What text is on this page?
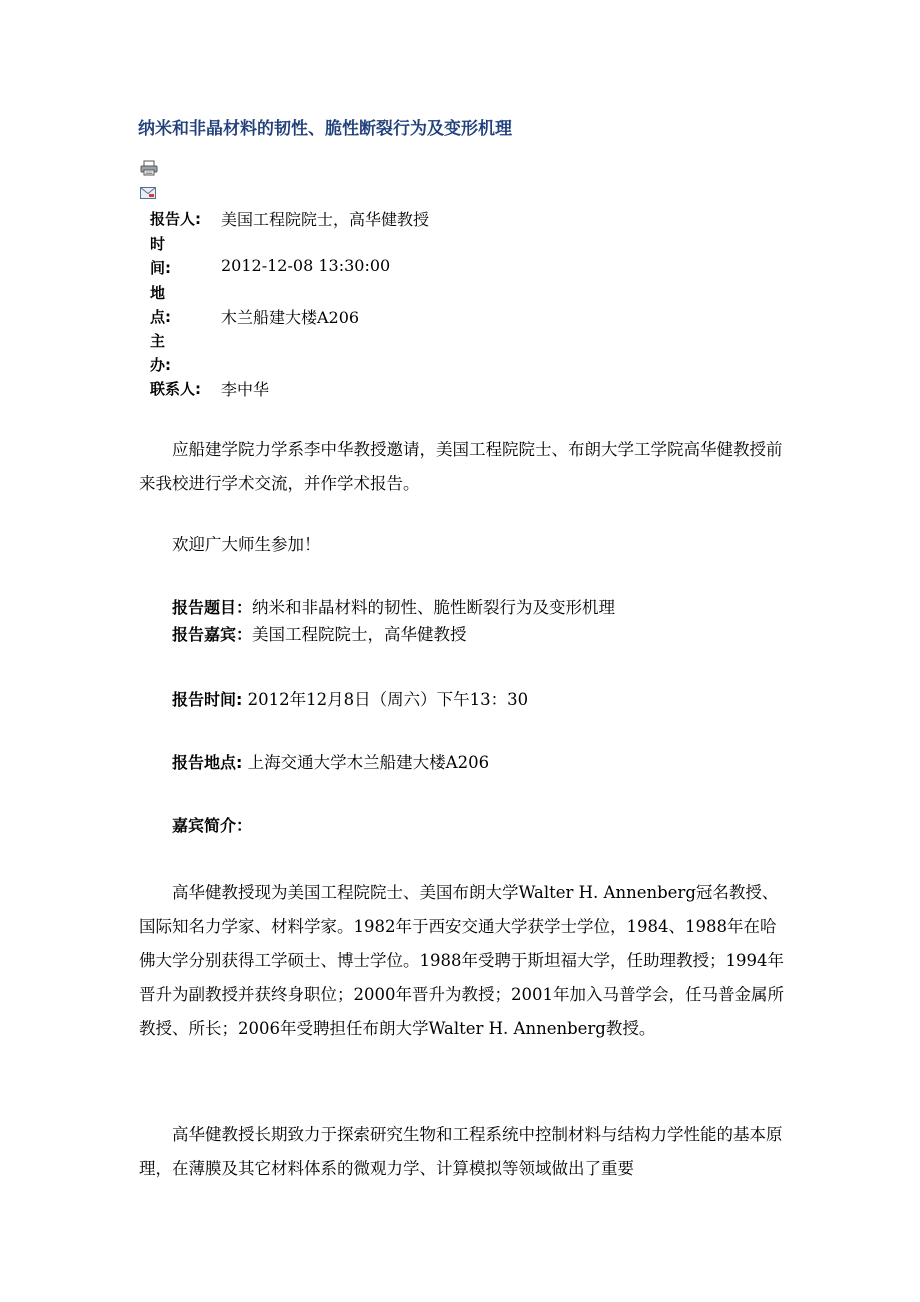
纳米和非晶材料的韧性、脆性断裂行为及变形机理
报告人: 美国工程院院士，高华健教授
时
间:	2012-12-08 13:30:00
地
点:	木兰船建大楼A206
主
办:
联系人: 李中华

应船建学院力学系李中华教授邀请，美国工程院院士、布朗大学工学院高华健教授前来我校进行学术交流，并作学术报告。

欢迎广大师生参加！
报告题目：纳米和非晶材料的韧性、脆性断裂行为及变形机理
报告嘉宾：美国工程院院士，高华健教授
报告时间: 2012年12月8日（周六）下午13：30
报告地点: 上海交通大学木兰船建大楼A206
嘉宾简介：

高华健教授现为美国工程院院士、美国布朗大学Walter H. Annenberg冠名教授、国际知名力学家、材料学家。1982年于西安交通大学获学士学位，1984、1988年在哈佛大学分别获得工学硕士、博士学位。1988年受聘于斯坦福大学，任助理教授；1994年晋升为副教授并获终身职位；2000年晋升为教授；2001年加入马普学会，任马普金属所教授、所长；2006年受聘担任布朗大学Walter H. Annenberg教授。

高华健教授长期致力于探索研究生物和工程系统中控制材料与结构力学性能的基本原理，在薄膜及其它材料体系的微观力学、计算模拟等领域做出了重要
